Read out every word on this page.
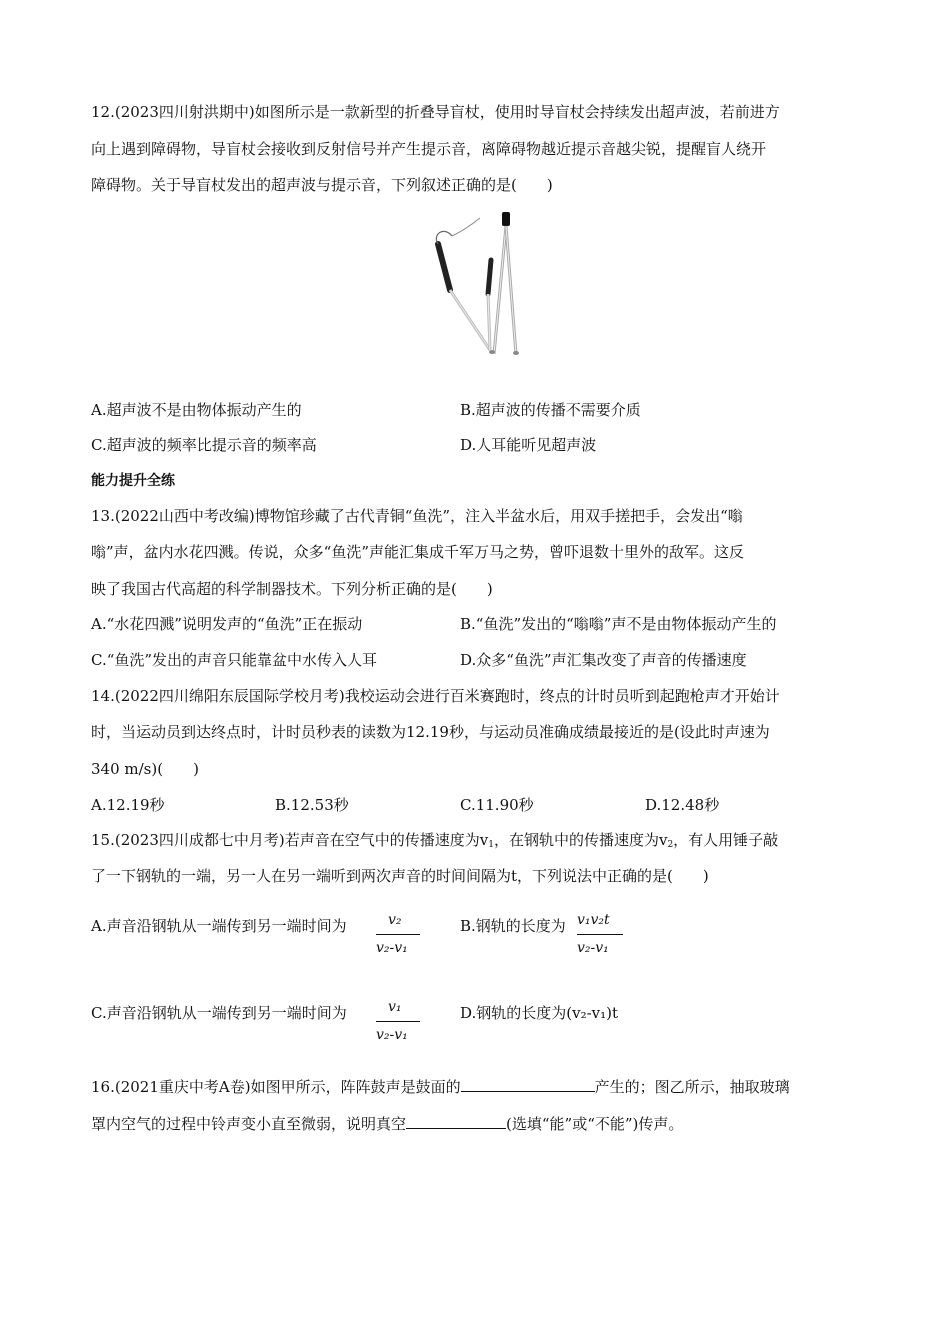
12.(2023四川射洪期中)如图所示是一款新型的折叠导盲杖，使用时导盲杖会持续发出超声波，若前进方
向上遇到障碍物，导盲杖会接收到反射信号并产生提示音，离障碍物越近提示音越尖锐，提醒盲人绕开
障碍物。关于导盲杖发出的超声波与提示音，下列叙述正确的是(　　)
A.超声波不是由物体振动产生的	B.超声波的传播不需要介质
C.超声波的频率比提示音的频率高	D.人耳能听见超声波
能力提升全练
13.(2022山西中考改编)博物馆珍藏了古代青铜“鱼洗”，注入半盆水后，用双手搓把手，会发出“嗡
嗡”声，盆内水花四溅。传说，众多“鱼洗”声能汇集成千军万马之势，曾吓退数十里外的敌军。这反
映了我国古代高超的科学制器技术。下列分析正确的是(　　)
A.“水花四溅”说明发声的“鱼洗”正在振动	B.“鱼洗”发出的“嗡嗡”声不是由物体振动产生的
C.“鱼洗”发出的声音只能靠盆中水传入人耳	D.众多“鱼洗”声汇集改变了声音的传播速度
14.(2022四川绵阳东辰国际学校月考)我校运动会进行百米赛跑时，终点的计时员听到起跑枪声才开始计
时，当运动员到达终点时，计时员秒表的读数为12.19秒，与运动员准确成绩最接近的是(设此时声速为
340 m/s)(　　)
A.12.19秒	B.12.53秒	C.11.90秒	D.12.48秒
15.(2023四川成都七中月考)若声音在空气中的传播速度为$v_1$，在钢轨中的传播速度为$v_2$，有人用锤子敲
了一下钢轨的一端，另一人在另一端听到两次声音的时间间隔为t，下列说法中正确的是(　　)
A.声音沿钢轨从一端传到另一端时间为	v₂
v₂-v₁
B.钢轨的长度为 v₁v₂t
v₂-v₁
C.声音沿钢轨从一端传到另一端时间为	v₁
v₂-v₁
D.钢轨的长度为(v₂-v₁)t
16.(2021重庆中考A卷)如图甲所示，阵阵鼓声是鼓面的	产生的；图乙所示，抽取玻璃
罩内空气的过程中铃声变小直至微弱，说明真空	(选填“能”或“不能”)传声。
